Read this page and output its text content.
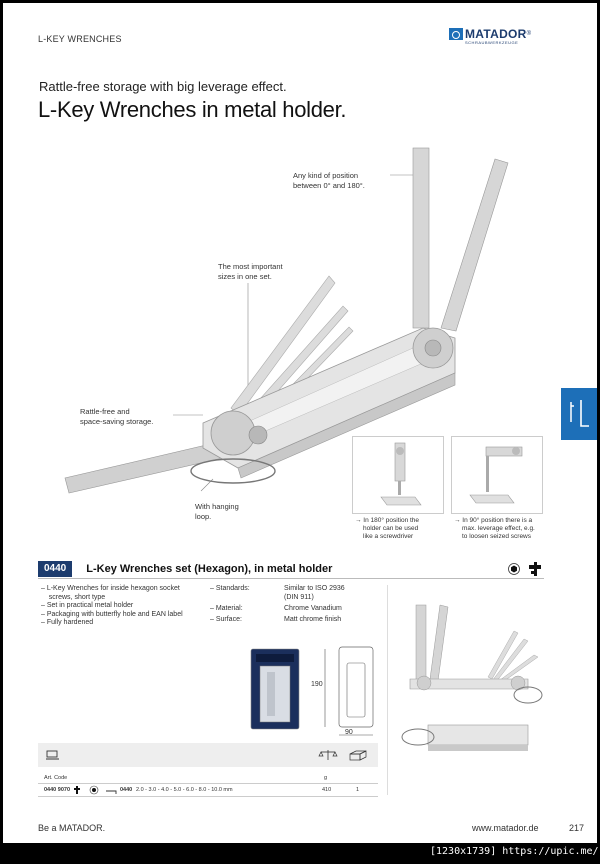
L-KEY WRENCHES	MATADOR ®
SCHRAUBWERKZEUGE
Rattle-free storage with big leverage effect.
L-Key Wrenches in metal holder.
Any kind of position
between 0° and 180°.
The most important
sizes in one set.
Rattle-free and
space-saving storage.
With hanging
loop.	→ In 180° position the
holder can be used
like a screwdriver
→ In 90° position there is a
max. leverage effect, e.g.
to loosen seized screws
0440	L-Key Wrenches set (Hexagon), in metal holder
– L-Key Wrenches for inside hexagon socket
screws, short type
– Set in practical metal holder
– Packaging with butterfly hole and EAN label
– Fully hardened
– Standards:	Similar to ISO 2936
(DIN 911)
– Material:	Chrome Vanadium
– Surface:	Matt chrome finish
190
90
Art. Code	g
0440 9070	0440 2.0 - 3.0 - 4.0 - 5.0 - 6.0 - 8.0 - 10.0 mm	410	1
Be a MATADOR.	www.matador.de	217
[1230x1739] https://upic.me/
